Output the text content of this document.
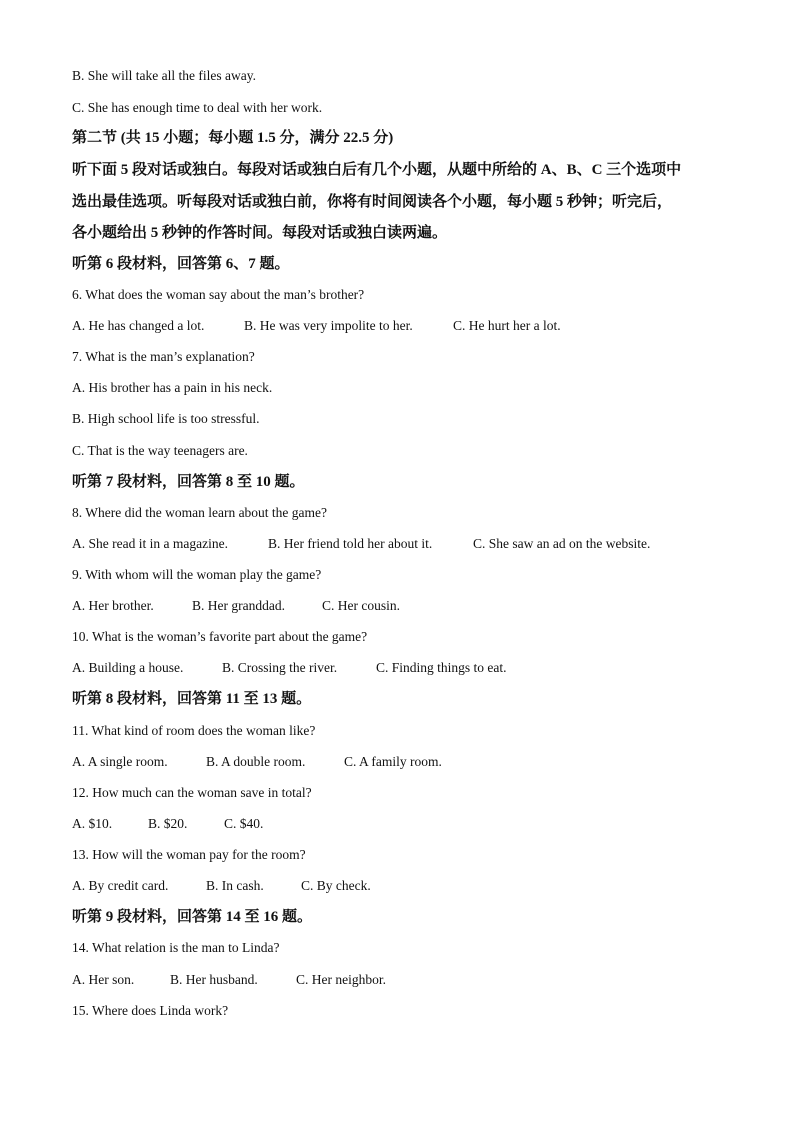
B. She will take all the files away.
C. She has enough time to deal with her work.
第二节 (共 15 小题；每小题 1.5 分，满分 22.5 分)
听下面 5 段对话或独白。每段对话或独白后有几个小题，从题中所给的 A、B、C 三个选项中
选出最佳选项。听每段对话或独白前，你将有时间阅读各个小题，每小题 5 秒钟；听完后，
各小题给出 5 秒钟的作答时间。每段对话或独白读两遍。
听第 6 段材料，回答第 6、7 题。
6. What does the woman say about the man’s brother?
A. He has changed a lot.	B. He was very impolite to her.	C. He hurt her a lot.
7. What is the man’s explanation?
A. His brother has a pain in his neck.
B. High school life is too stressful.
C. That is the way teenagers are.
听第 7 段材料，回答第 8 至 10 题。
8. Where did the woman learn about the game?
A. She read it in a magazine.	B. Her friend told her about it.	C. She saw an ad on the website.
9. With whom will the woman play the game?
A. Her brother.	B. Her granddad.	C. Her cousin.
10. What is the woman’s favorite part about the game?
A. Building a house.	B. Crossing the river.	C. Finding things to eat.
听第 8 段材料，回答第 11 至 13 题。
11. What kind of room does the woman like?
A. A single room.	B. A double room.	C. A family room.
12. How much can the woman save in total?
A. $10.	B. $20.	C. $40.
13. How will the woman pay for the room?
A. By credit card.	B. In cash.	C. By check.
听第 9 段材料，回答第 14 至 16 题。
14. What relation is the man to Linda?
A. Her son.	B. Her husband.	C. Her neighbor.
15. Where does Linda work?
